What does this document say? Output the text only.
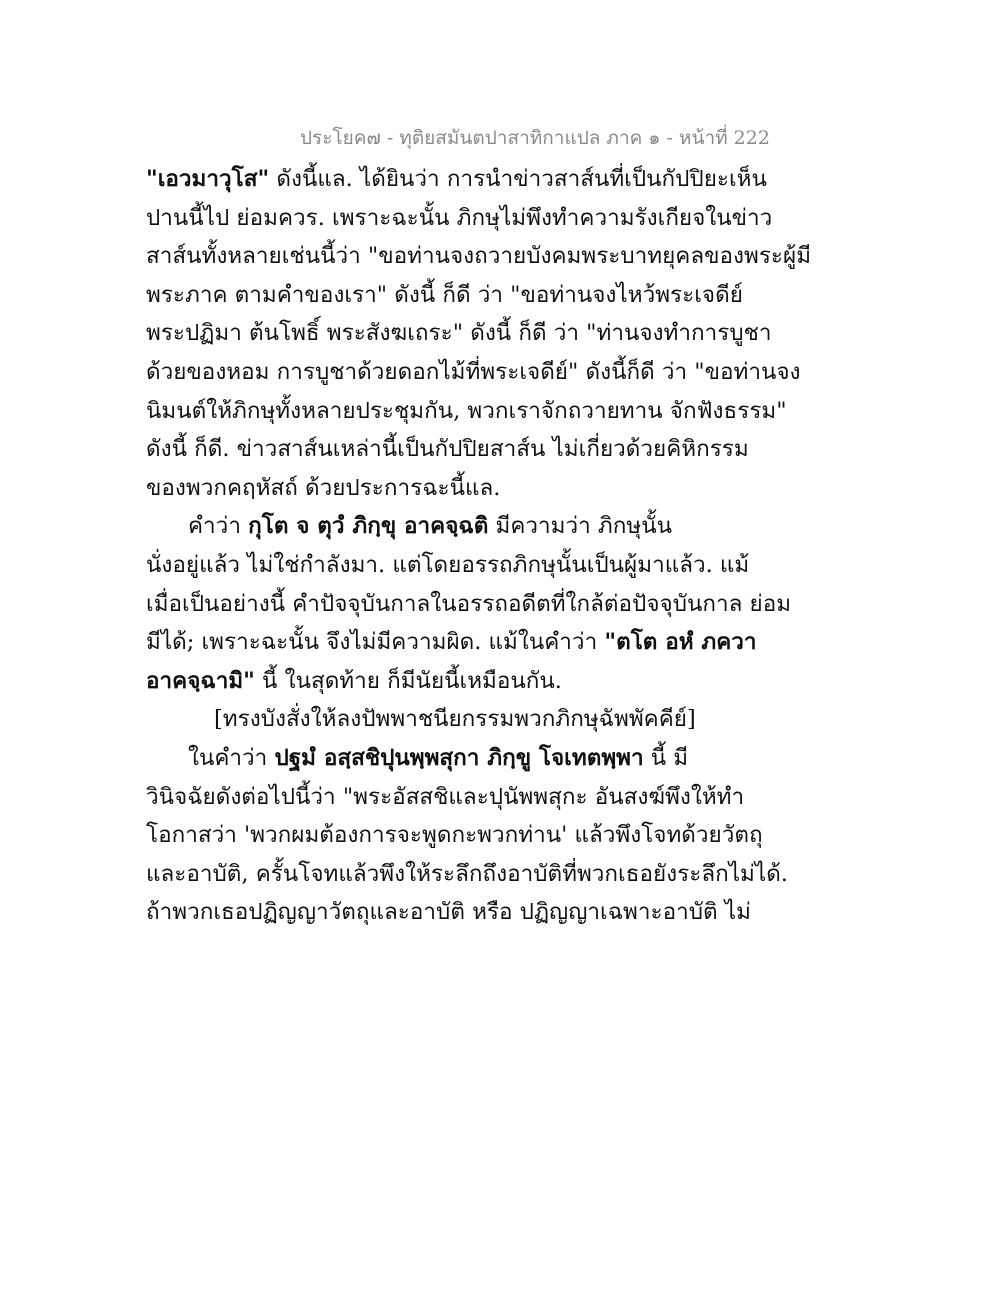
ประโยค๗ - ทุติยสมันตปาสาทิกาแปล ภาค ๑ - หน้าที่ 222
"เอวมาวุโส" ดังนี้แล. ได้ยินว่า การนำข่าวสาส์นที่เป็นกัปปิยะเห็น
ปานนี้ไป ย่อมควร. เพราะฉะนั้น ภิกษุไม่พึงทำความรังเกียจในข่าว
สาส์นทั้งหลายเช่นนี้ว่า "ขอท่านจงถวายบังคมพระบาทยุคลของพระผู้มี
พระภาค ตามคำของเรา" ดังนี้ ก็ดี ว่า "ขอท่านจงไหว้พระเจดีย์
พระปฏิมา ต้นโพธิ์ พระสังฆเถระ" ดังนี้ ก็ดี ว่า "ท่านจงทำการบูชา
ด้วยของหอม การบูชาด้วยดอกไม้ที่พระเจดีย์" ดังนี้ก็ดี ว่า "ขอท่านจง
นิมนต์ให้ภิกษุทั้งหลายประชุมกัน, พวกเราจักถวายทาน จักฟังธรรม"
ดังนี้ ก็ดี. ข่าวสาส์นเหล่านี้เป็นกัปปิยสาส์น ไม่เกี่ยวด้วยคิหิกรรม
ของพวกคฤหัสถ์ ด้วยประการฉะนี้แล.
คำว่า กุโต จ ตุวํ ภิกฺขุ อาคจฺฉติ มีความว่า ภิกษุนั้น
นั่งอยู่แล้ว ไม่ใช่กำลังมา. แต่โดยอรรถภิกษุนั้นเป็นผู้มาแล้ว. แม้
เมื่อเป็นอย่างนี้ คำปัจจุบันกาลในอรรถอดีตที่ใกล้ต่อปัจจุบันกาล ย่อม
มีได้; เพราะฉะนั้น จึงไม่มีความผิด. แม้ในคำว่า "ตโต อหํ ภควา
อาคจฺฉามิ" นี้ ในสุดท้าย ก็มีนัยนี้เหมือนกัน.
[ทรงบังสั่งให้ลงปัพพาชนียกรรมพวกภิกษุฉัพพัคคีย์]
ในคำว่า ปฐมํ อสฺสชิปุนพฺพสุกา ภิกฺขู โจเทตพฺพา นี้ มี
วินิจฉัยดังต่อไปนี้ว่า "พระอัสสชิและปุนัพพสุกะ อันสงฆ์พึงให้ทำ
โอกาสว่า 'พวกผมต้องการจะพูดกะพวกท่าน' แล้วพึงโจทด้วยวัตถุ
และอาบัติ, ครั้นโจทแล้วพึงให้ระลึกถึงอาบัติที่พวกเธอยังระลึกไม่ได้.
ถ้าพวกเธอปฏิญญาวัตถุและอาบัติ หรือ ปฏิญญาเฉพาะอาบัติ ไม่
